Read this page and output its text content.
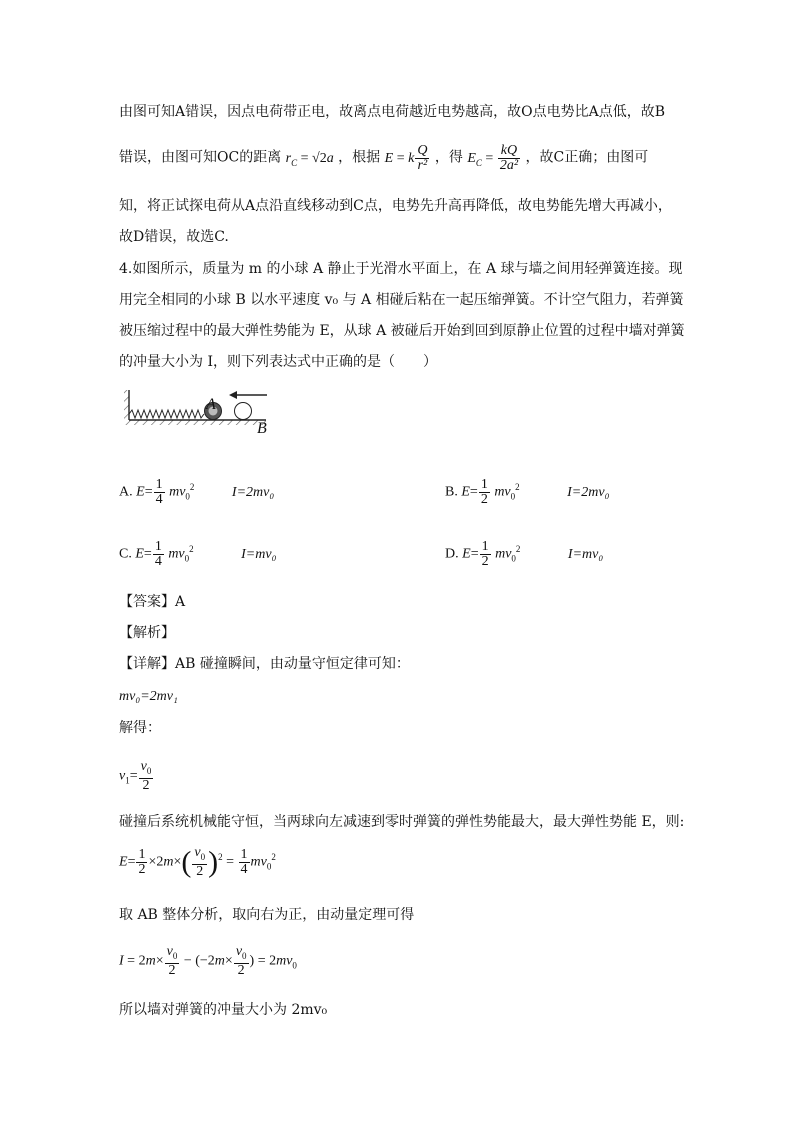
由图可知A错误，因点电荷带正电，故离点电荷越近电势越高，故O点电势比A点低，故B
错误，由图可知OC的距离 $r_C = √2a$ ，根据 E = k $\frac{Q}{\text{r²}}$ ，得 $E_C = \frac{kQ}{\text{2a²}}$ ，故C正确；由图可
知，将正试探电荷从A点沿直线移动到C点，电势先升高再降低，故电势能先增大再减小，
故D错误，故选C.
4.如图所示，质量为 m 的小球 A 静止于光滑水平面上，在 A 球与墙之间用轻弹簧连接。现
用完全相同的小球 B 以水平速度 v₀ 与 A 相碰后粘在一起压缩弹簧。不计空气阻力，若弹簧
被压缩过程中的最大弹性势能为 E，从球 A 被碰后开始到回到原静止位置的过程中墙对弹簧
的冲量大小为 I，则下列表达式中正确的是（　　）
A
B
A. $E= \frac{1}{4} mv_0^2$	I=2mv₀	B. $E= \frac{1}{2} mv_0^2$	I=2mv₀
C. $E= \frac{1}{4} mv_0^2$	I=mv₀	D. $E= \frac{1}{2} mv_0^2$	I=mv₀
【答案】A
【解析】
【详解】AB 碰撞瞬间，由动量守恒定律可知：
mv₀=2mv₁
解得：
$v_1= \frac{v_0}{2}$
碰撞后系统机械能守恒，当两球向左减速到零时弹簧的弹性势能最大，最大弹性势能 E，则:
$E= \frac{1}{2} \times 2m\times( \frac{v_0}{2} )^2 = \frac{1}{4} mv_0^2$
取 AB 整体分析，取向右为正，由动量定理可得
$I = 2m\times \frac{v_0}{2} - (-2m\times \frac{v_0}{2}$ ) = $2mv_0$
所以墙对弹簧的冲量大小为 2mv₀
